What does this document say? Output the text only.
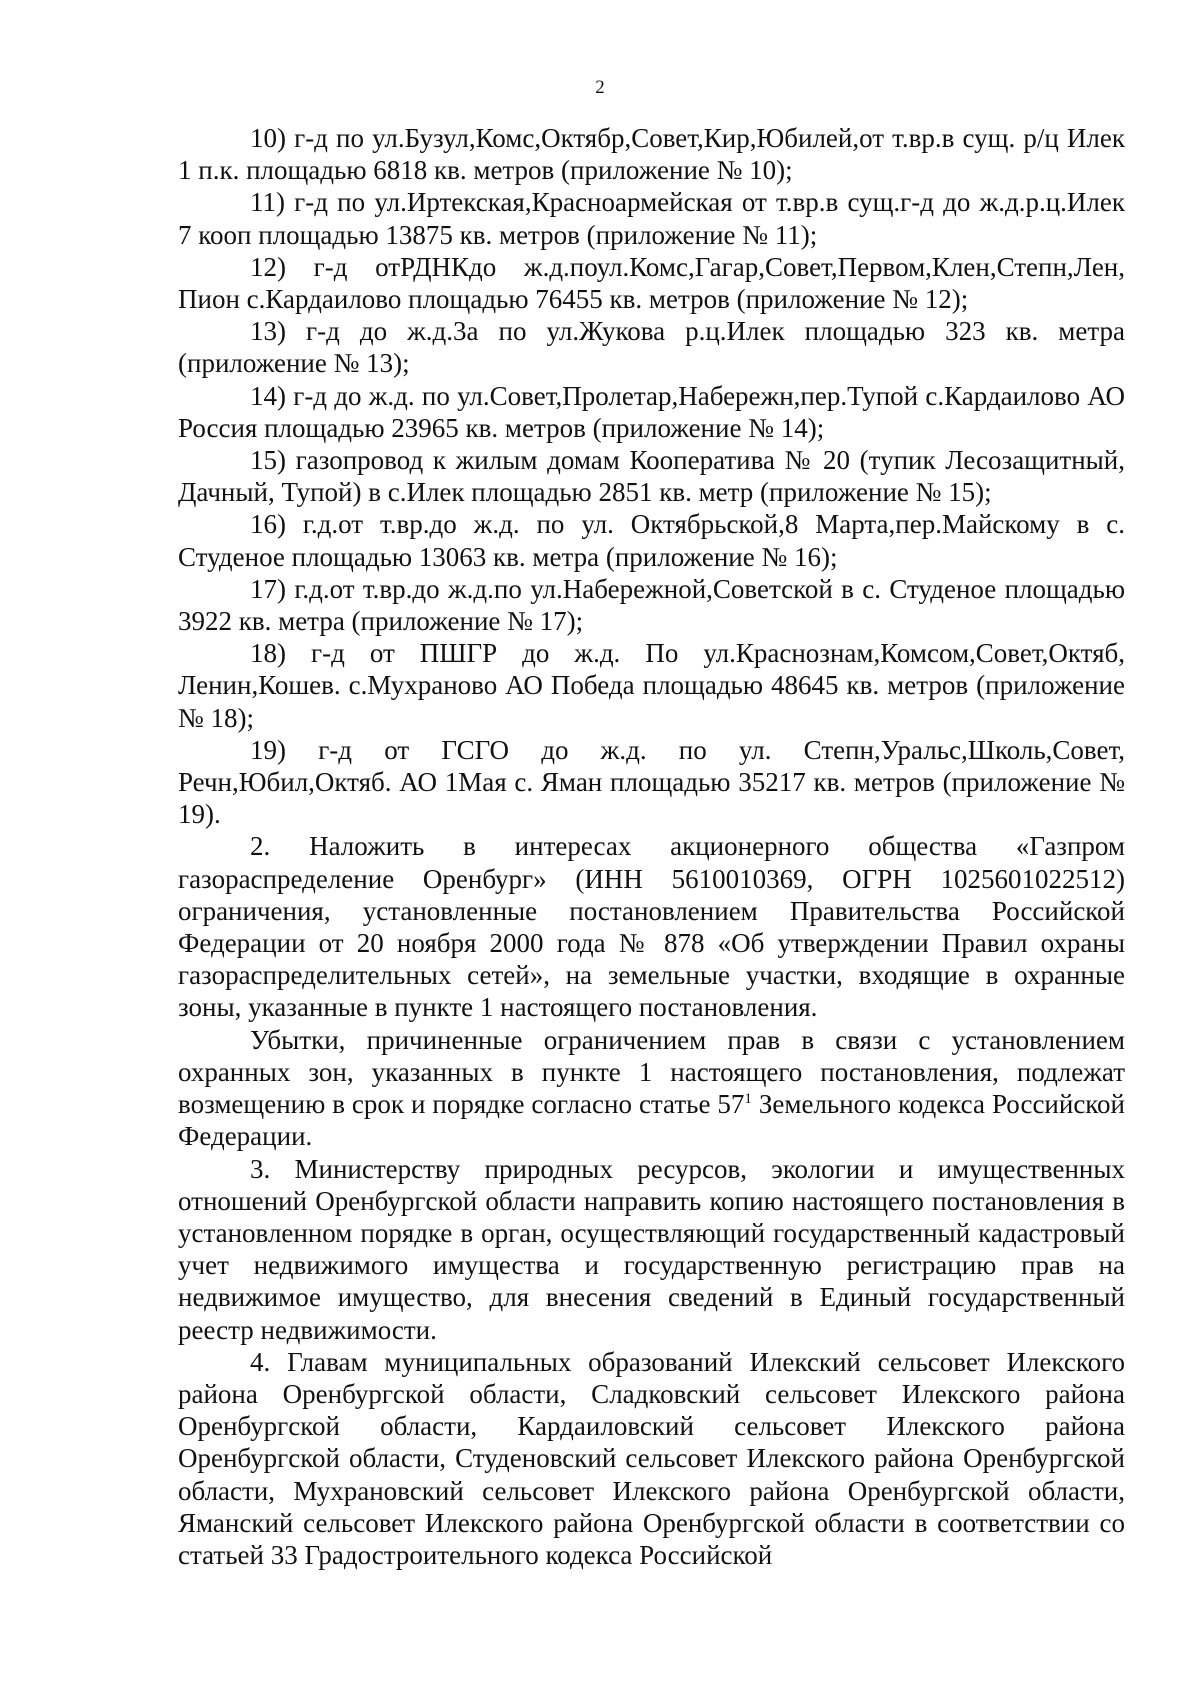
2

10) г-д по ул.Бузул,Комс,Октябр,Совет,Кир,Юбилей,от т.вр.в сущ. р/ц Илек 1 п.к. площадью 6818 кв. метров (приложение № 10);

11) г-д по ул.Иртекская,Красноармейская от т.вр.в сущ.г-д до ж.д.р.ц.Илек 7 кооп площадью 13875 кв. метров (приложение № 11);

12) г-д отРДНКдо ж.д.поул.Комс,Гагар,Совет,Первом,Клен,Степн,Лен, Пион с.Кардаилово площадью 76455 кв. метров (приложение № 12);

13) г-д до ж.д.3а по ул.Жукова р.ц.Илек площадью 323 кв. метра (приложение № 13);

14) г-д до ж.д. по ул.Совет,Пролетар,Набережн,пер.Тупой с.Кардаилово АО Россия площадью 23965 кв. метров (приложение № 14);

15) газопровод к жилым домам Кооператива № 20 (тупик Лесозащитный, Дачный, Тупой) в с.Илек площадью 2851 кв. метр (приложение № 15);

16) г.д.от т.вр.до ж.д. по ул. Октябрьской,8 Марта,пер.Майскому в с. Студеное площадью 13063 кв. метра (приложение № 16);

17) г.д.от т.вр.до ж.д.по ул.Набережной,Советской в с. Студеное площадью 3922 кв. метра (приложение № 17);

18) г-д от ПШГР до ж.д. По ул.Краснознам,Комсом,Совет,Октяб, Ленин,Кошев. с.Мухраново АО Победа площадью 48645 кв. метров (приложение № 18);

19) г-д от ГСГО до ж.д. по ул. Степн,Уральс,Школь,Совет, Речн,Юбил,Октяб. АО 1Мая с. Яман площадью 35217 кв. метров (приложение № 19).

2. Наложить в интересах акционерного общества «Газпром газораспределение Оренбург» (ИНН 5610010369, ОГРН 1025601022512) ограничения, установленные постановлением Правительства Российской Федерации от 20 ноября 2000 года № 878 «Об утверждении Правил охраны газораспределительных сетей», на земельные участки, входящие в охранные зоны, указанные в пункте 1 настоящего постановления.

Убытки, причиненные ограничением прав в связи с установлением охранных зон, указанных в пункте 1 настоящего постановления, подлежат возмещению в срок и порядке согласно статье $57^1$ Земельного кодекса Российской Федерации.

3. Министерству природных ресурсов, экологии и имущественных отношений Оренбургской области направить копию настоящего постановления в установленном порядке в орган, осуществляющий государственный кадастровый учет недвижимого имущества и государственную регистрацию прав на недвижимое имущество, для внесения сведений в Единый государственный реестр недвижимости.

4. Главам муниципальных образований Илекский сельсовет Илекского района Оренбургской области, Сладковский сельсовет Илекского района Оренбургской области, Кардаиловский сельсовет Илекского района Оренбургской области, Студеновский сельсовет Илекского района Оренбургской области, Мухрановский сельсовет Илекского района Оренбургской области, Яманский сельсовет Илекского района Оренбургской области в соответствии со статьей 33 Градостроительного кодекса Российской
